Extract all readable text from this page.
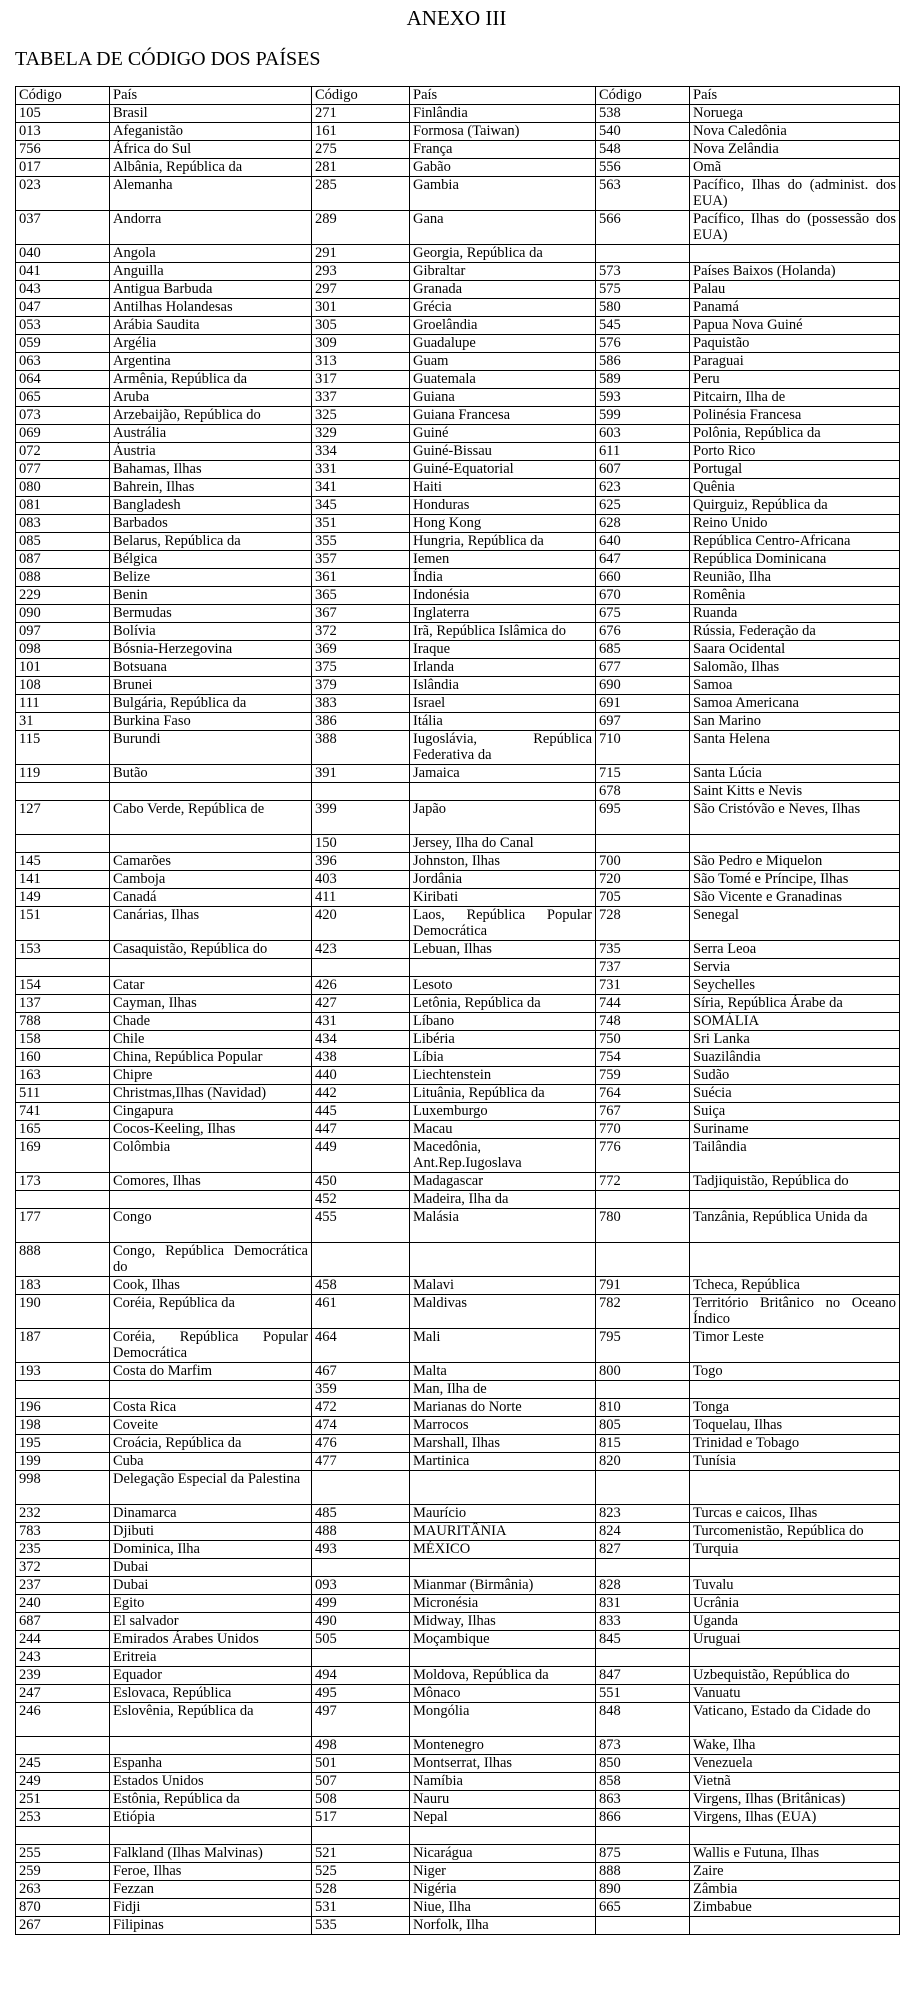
ANEXO III
TABELA DE CÓDIGO DOS PAÍSES
Código	País	Código	País	Código	País
105	Brasil	271	Finlândia	538	Noruega
013	Afeganistão	161	Formosa (Taiwan)	540	Nova Caledônia
756	África do Sul	275	França	548	Nova Zelândia
017	Albânia, República da	281	Gabão	556	Omã
023	Alemanha	285	Gambia	563	Pacífico, Ilhas do (administ. dos EUA)
037	Andorra	289	Gana	566	Pacífico, Ilhas do (possessão dos EUA)
040	Angola	291	Georgia, República da		
041	Anguilla	293	Gibraltar	573	Países Baixos (Holanda)
043	Antigua Barbuda	297	Granada	575	Palau
047	Antilhas Holandesas	301	Grécia	580	Panamá
053	Arábia Saudita	305	Groelândia	545	Papua Nova Guiné
059	Argélia	309	Guadalupe	576	Paquistão
063	Argentina	313	Guam	586	Paraguai
064	Armênia, República da	317	Guatemala	589	Peru
065	Aruba	337	Guiana	593	Pitcairn, Ilha de
073	Arzebaijão, República do	325	Guiana Francesa	599	Polinésia Francesa
069	Austrália	329	Guiné	603	Polônia, República da
072	Áustria	334	Guiné-Bissau	611	Porto Rico
077	Bahamas, Ilhas	331	Guiné-Equatorial	607	Portugal
080	Bahrein, Ilhas	341	Haiti	623	Quênia
081	Bangladesh	345	Honduras	625	Quirguiz, República da
083	Barbados	351	Hong Kong	628	Reino Unido
085	Belarus, República da	355	Hungria, República da	640	República Centro-Africana
087	Bélgica	357	Iemen	647	República Dominicana
088	Belize	361	Índia	660	Reunião, Ilha
229	Benin	365	Indonésia	670	Romênia
090	Bermudas	367	Inglaterra	675	Ruanda
097	Bolívia	372	Irã, República Islâmica do	676	Rússia, Federação da
098	Bósnia-Herzegovina	369	Iraque	685	Saara Ocidental
101	Botsuana	375	Irlanda	677	Salomão, Ilhas
108	Brunei	379	Islândia	690	Samoa
111	Bulgária, República da	383	Israel	691	Samoa Americana
31	Burkina Faso	386	Itália	697	San Marino
115	Burundi	388	Iugoslávia, República Federativa da	710	Santa Helena
119	Butão	391	Jamaica	715	Santa Lúcia
				678	Saint Kitts e Nevis
127	Cabo Verde, República de	399	Japão	695	São Cristóvão e Neves, Ilhas
		150	Jersey, Ilha do Canal		
145	Camarões	396	Johnston, Ilhas	700	São Pedro e Miquelon
141	Camboja	403	Jordânia	720	São Tomé e Príncipe, Ilhas
149	Canadá	411	Kiribati	705	São Vicente e Granadinas
151	Canárias, Ilhas	420	Laos, República Popular Democrática	728	Senegal
153	Casaquistão, República do	423	Lebuan, Ilhas	735	Serra Leoa
				737	Servia
154	Catar	426	Lesoto	731	Seychelles
137	Cayman, Ilhas	427	Letônia, República da	744	Síria, República Árabe da
788	Chade	431	Líbano	748	SOMÁLIA
158	Chile	434	Libéria	750	Sri Lanka
160	China, República Popular	438	Líbia	754	Suazilândia
163	Chipre	440	Liechtenstein	759	Sudão
511	Christmas,Ilhas (Navidad)	442	Lituânia, República da	764	Suécia
741	Cingapura	445	Luxemburgo	767	Suiça
165	Cocos-Keeling, Ilhas	447	Macau	770	Suriname
169	Colômbia	449	Macedônia, Ant.Rep.Iugoslava	776	Tailândia
173	Comores, Ilhas	450	Madagascar	772	Tadjiquistão, República do
		452	Madeira, Ilha da		
177	Congo	455	Malásia	780	Tanzânia, República Unida da
888	Congo, República Democrática do				
183	Cook, Ilhas	458	Malavi	791	Tcheca, República
190	Coréia, República da	461	Maldivas	782	Território Britânico no Oceano Índico
187	Coréia, República Popular Democrática	464	Mali	795	Timor Leste
193	Costa do Marfim	467	Malta	800	Togo
		359	Man, Ilha de		
196	Costa Rica	472	Marianas do Norte	810	Tonga
198	Coveite	474	Marrocos	805	Toquelau, Ilhas
195	Croácia, República da	476	Marshall, Ilhas	815	Trinidad e Tobago
199	Cuba	477	Martinica	820	Tunísia
998	Delegação Especial da Palestina				
232	Dinamarca	485	Maurício	823	Turcas e caicos, Ilhas
783	Djibuti	488	MAURITÂNIA	824	Turcomenistão, República do
235	Dominica, Ilha	493	MÉXICO	827	Turquia
372	Dubai				
237	Dubai	093	Mianmar (Birmânia)	828	Tuvalu
240	Egito	499	Micronésia	831	Ucrânia
687	El salvador	490	Midway, Ilhas	833	Uganda
244	Emirados Árabes Unidos	505	Moçambique	845	Uruguai
243	Eritreia				
239	Equador	494	Moldova, República da	847	Uzbequistão, República do
247	Eslovaca, República	495	Mônaco	551	Vanuatu
246	Eslovênia, República da	497	Mongólia	848	Vaticano, Estado da Cidade do
		498	Montenegro	873	Wake, Ilha
245	Espanha	501	Montserrat, Ilhas	850	Venezuela
249	Estados Unidos	507	Namíbia	858	Vietnã
251	Estônia, República da	508	Nauru	863	Virgens, Ilhas (Britânicas)
253	Etiópia	517	Nepal	866	Virgens, Ilhas (EUA)

255	Falkland (Ilhas Malvinas)	521	Nicarágua	875	Wallis e Futuna, Ilhas
259	Feroe, Ilhas	525	Niger	888	Zaire
263	Fezzan	528	Nigéria	890	Zâmbia
870	Fidji	531	Niue, Ilha	665	Zimbabue
267	Filipinas	535	Norfolk, Ilha		
